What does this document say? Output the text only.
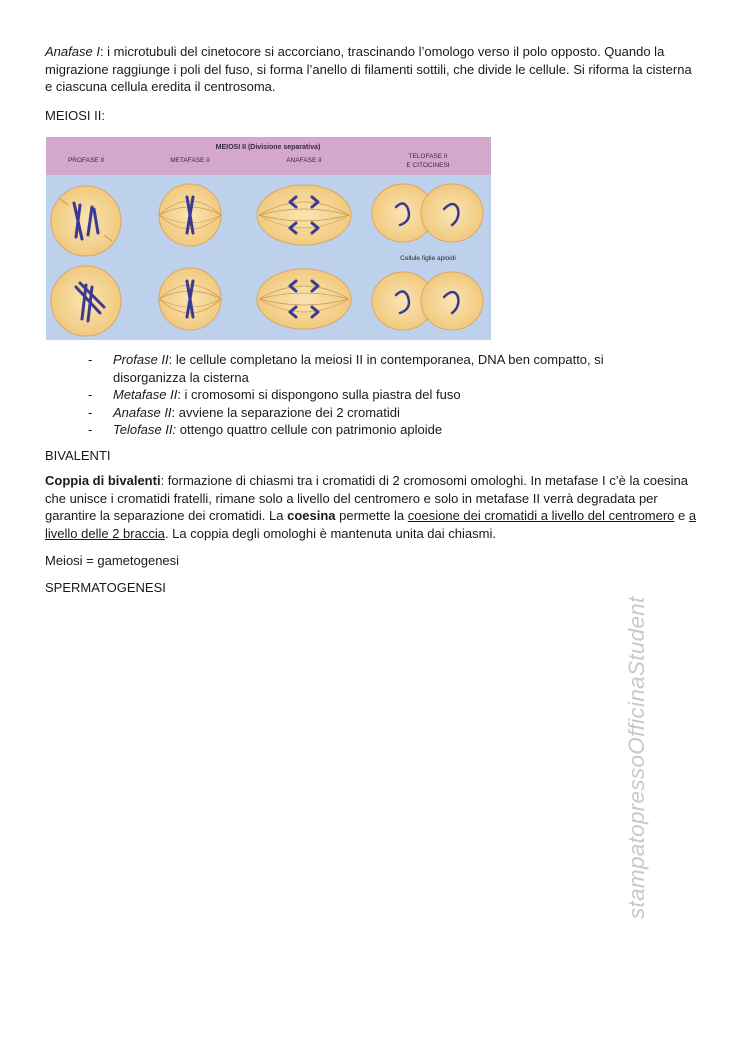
Anafase I: i microtubuli del cinetocore si accorciano, trascinando l’omologo verso il polo opposto. Quando la migrazione raggiunge i poli del fuso, si forma l’anello di filamenti sottili, che divide le cellule. Si riforma la cisterna e ciascuna cellula eredita il centrosoma.

MEIOSI II:

MEIOSI II (Divisione separativa)
PROFASE II	METAFASE II	ANAFASE II
TELOFASE II
E CITOCINESI
Cellule figlie aploidi
- Profase II: le cellule completano la meiosi II in contemporanea, DNA ben compatto, si disorganizza la cisterna
- Metafase II: i cromosomi si dispongono sulla piastra del fuso
- Anafase II: avviene la separazione dei 2 cromatidi
- Telofase II: ottengo quattro cellule con patrimonio aploide

BIVALENTI

Coppia di bivalenti: formazione di chiasmi tra i cromatidi di 2 cromosomi omologhi. In metafase I c’è la coesina che unisce i cromatidi fratelli, rimane solo a livello del centromero e solo in metafase II verrà degradata per garantire la separazione dei cromatidi. La coesina permette la coesione dei cromatidi a livello del centromero e a livello delle 2 braccia. La coppia degli omologhi è mantenuta unita dai chiasmi.

Meiosi = gametogenesi

SPERMATOGENESI

stampatopressoOfficinaStudent
